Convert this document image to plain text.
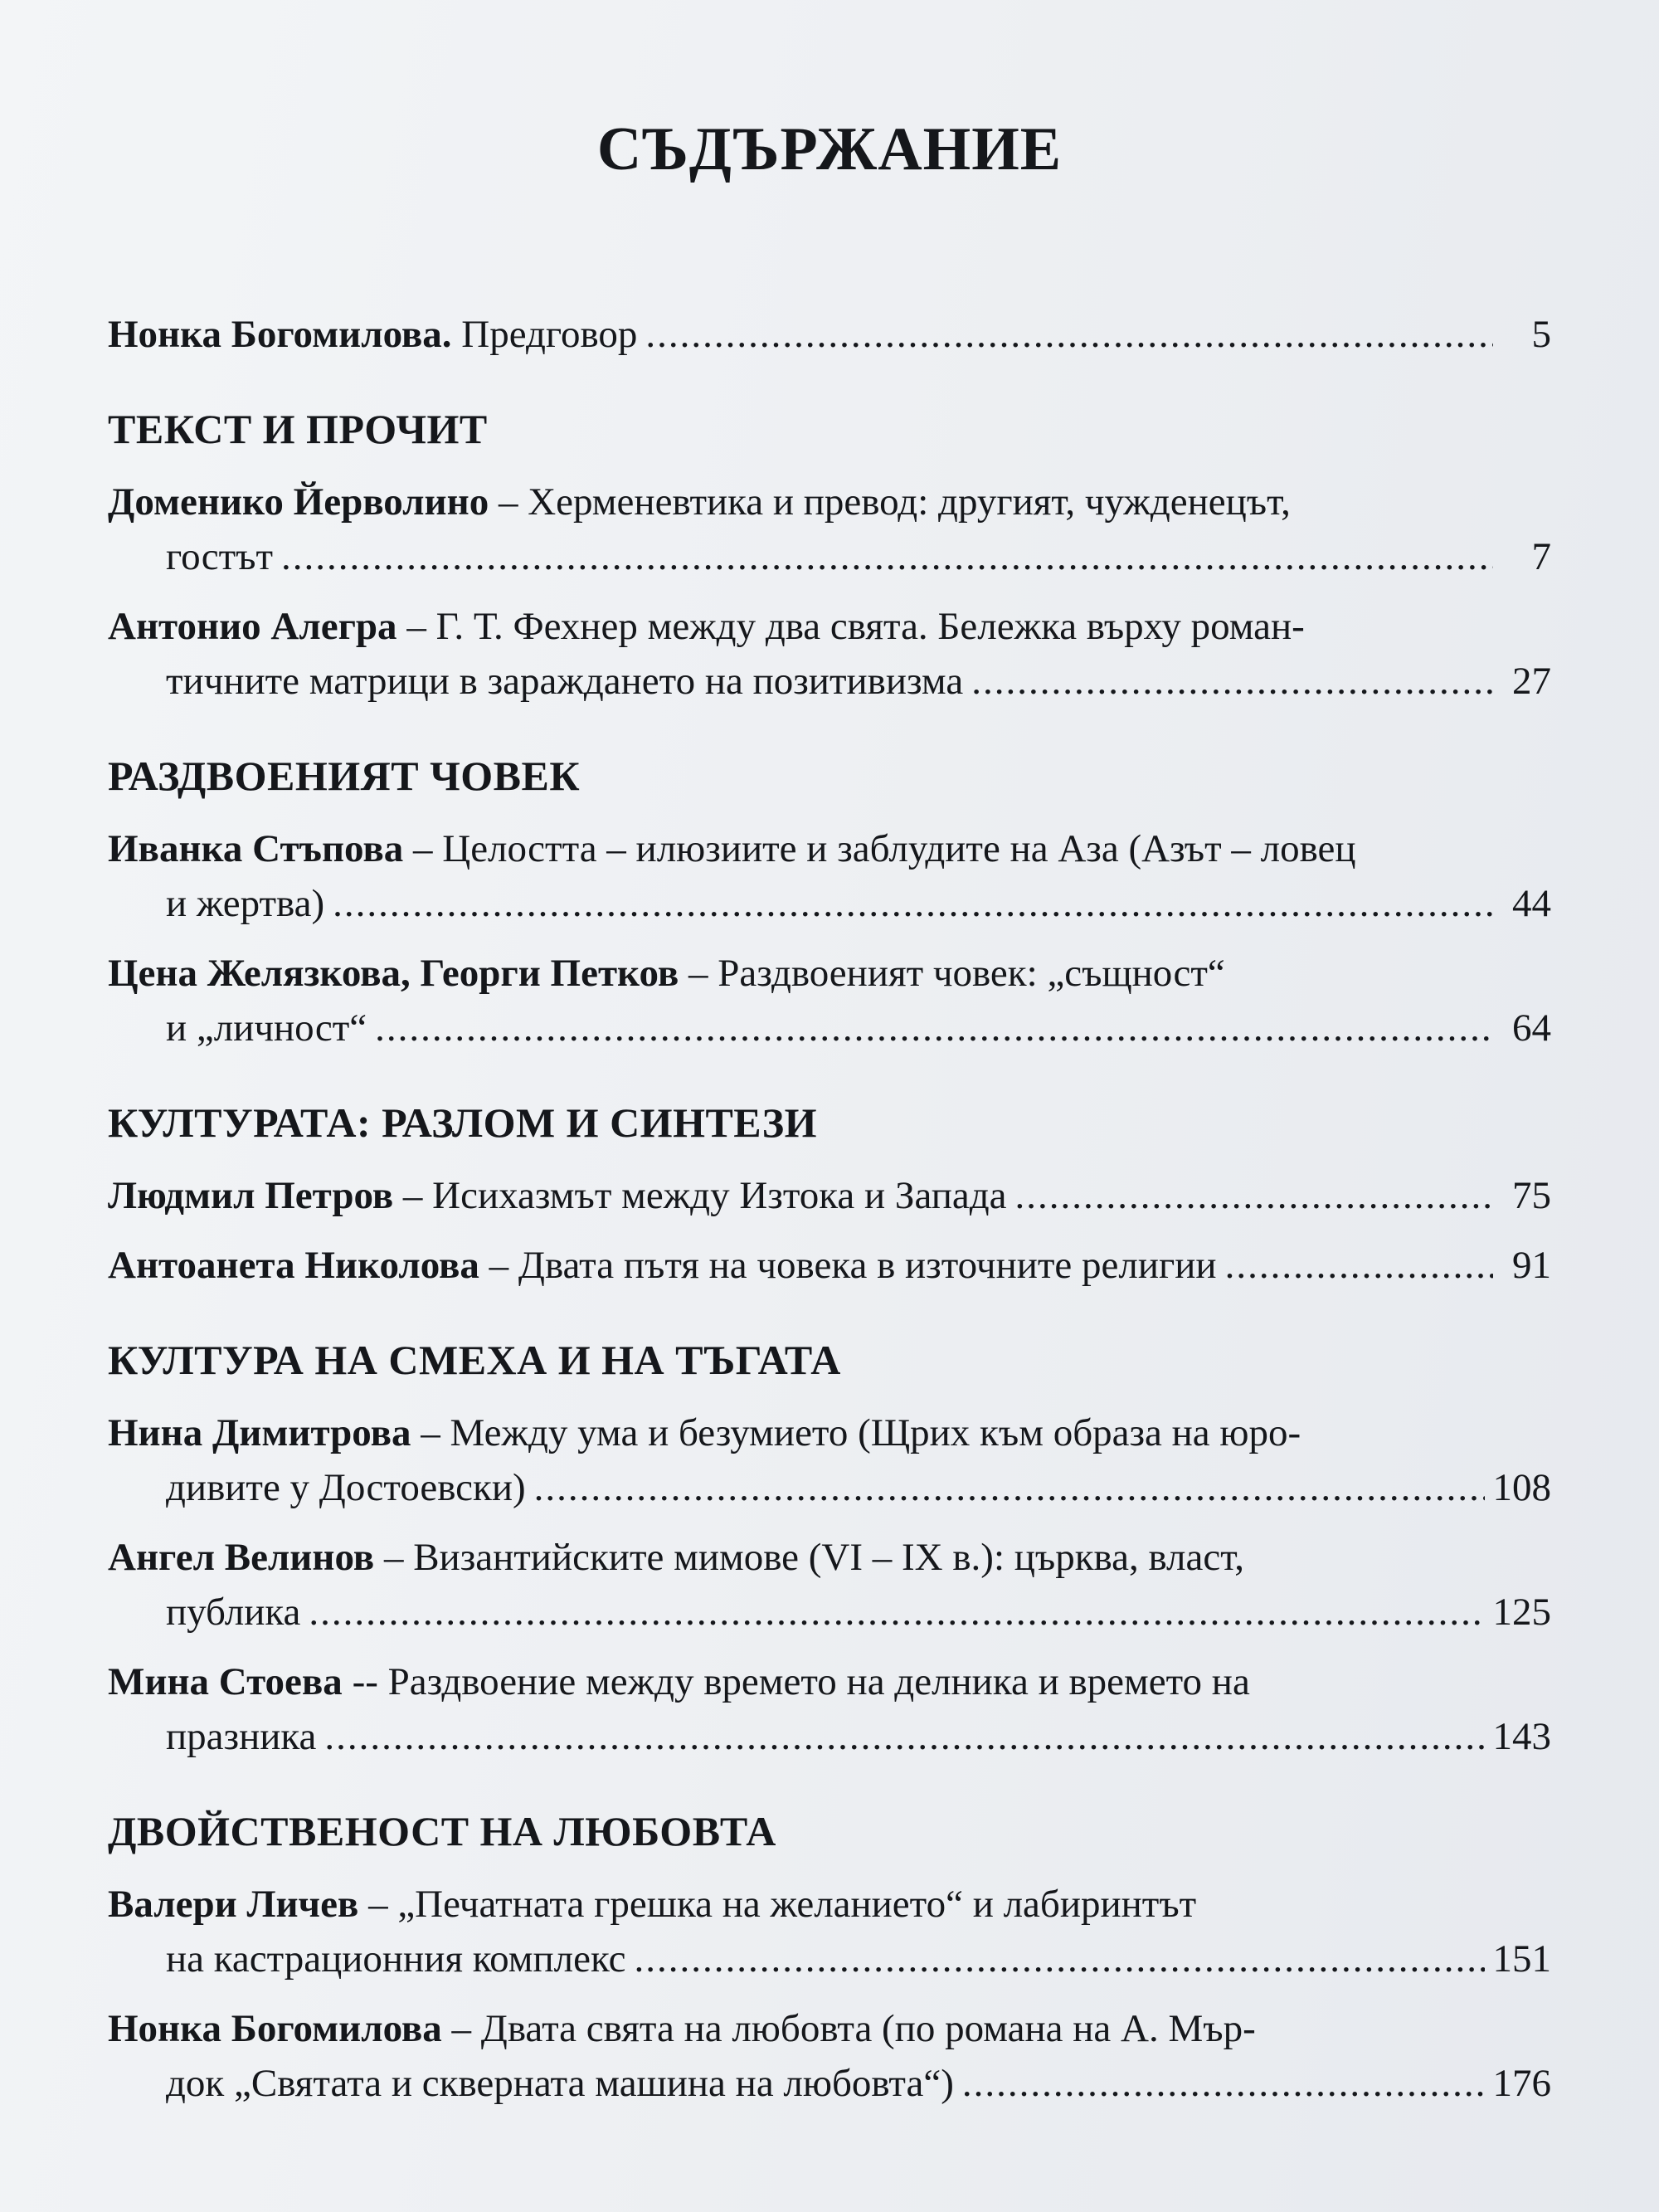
СЪДЪРЖАНИЕ
Нонка Богомилова. Предговор .....	5
ТЕКСТ И ПРОЧИТ
Доменико Йерволино – Херменевтика и превод: другият, чужденецът,
гостът .....	7
Антонио Алегра – Г. Т. Фехнер между два свята. Бележка върху роман-
тичните матрици в зараждането на позитивизма .....	27
РАЗДВОЕНИЯТ ЧОВЕК
Иванка Стъпова – Целостта – илюзиите и заблудите на Аза (Азът – ловец
и жертва) .....	44
Цена Желязкова, Георги Петков – Раздвоеният човек: „същност“
и „личност“ .....	64
КУЛТУРАТА: РАЗЛОМ И СИНТЕЗИ
Людмил Петров – Исихазмът между Изтока и Запада .....	75
Антоанета Николова – Двата пътя на човека в източните религии .....	91
КУЛТУРА НА СМЕХА И НА ТЪГАТА
Нина Димитрова – Между ума и безумието (Щрих към образа на юро-
дивите у Достоевски) .....	108
Ангел Велинов – Византийските мимове (VI – IX в.): църква, власт,
публика .....	125
Мина Стоева -- Раздвоение между времето на делника и времето на
празника .....	143
ДВОЙСТВЕНОСТ НА ЛЮБОВТА
Валери Личев – „Печатната грешка на желанието“ и лабиринтът
на кастрационния комплекс .....	151
Нонка Богомилова – Двата свята на любовта (по романа на А. Мър-
док „Святата и скверната машина на любовта“) .....	176
